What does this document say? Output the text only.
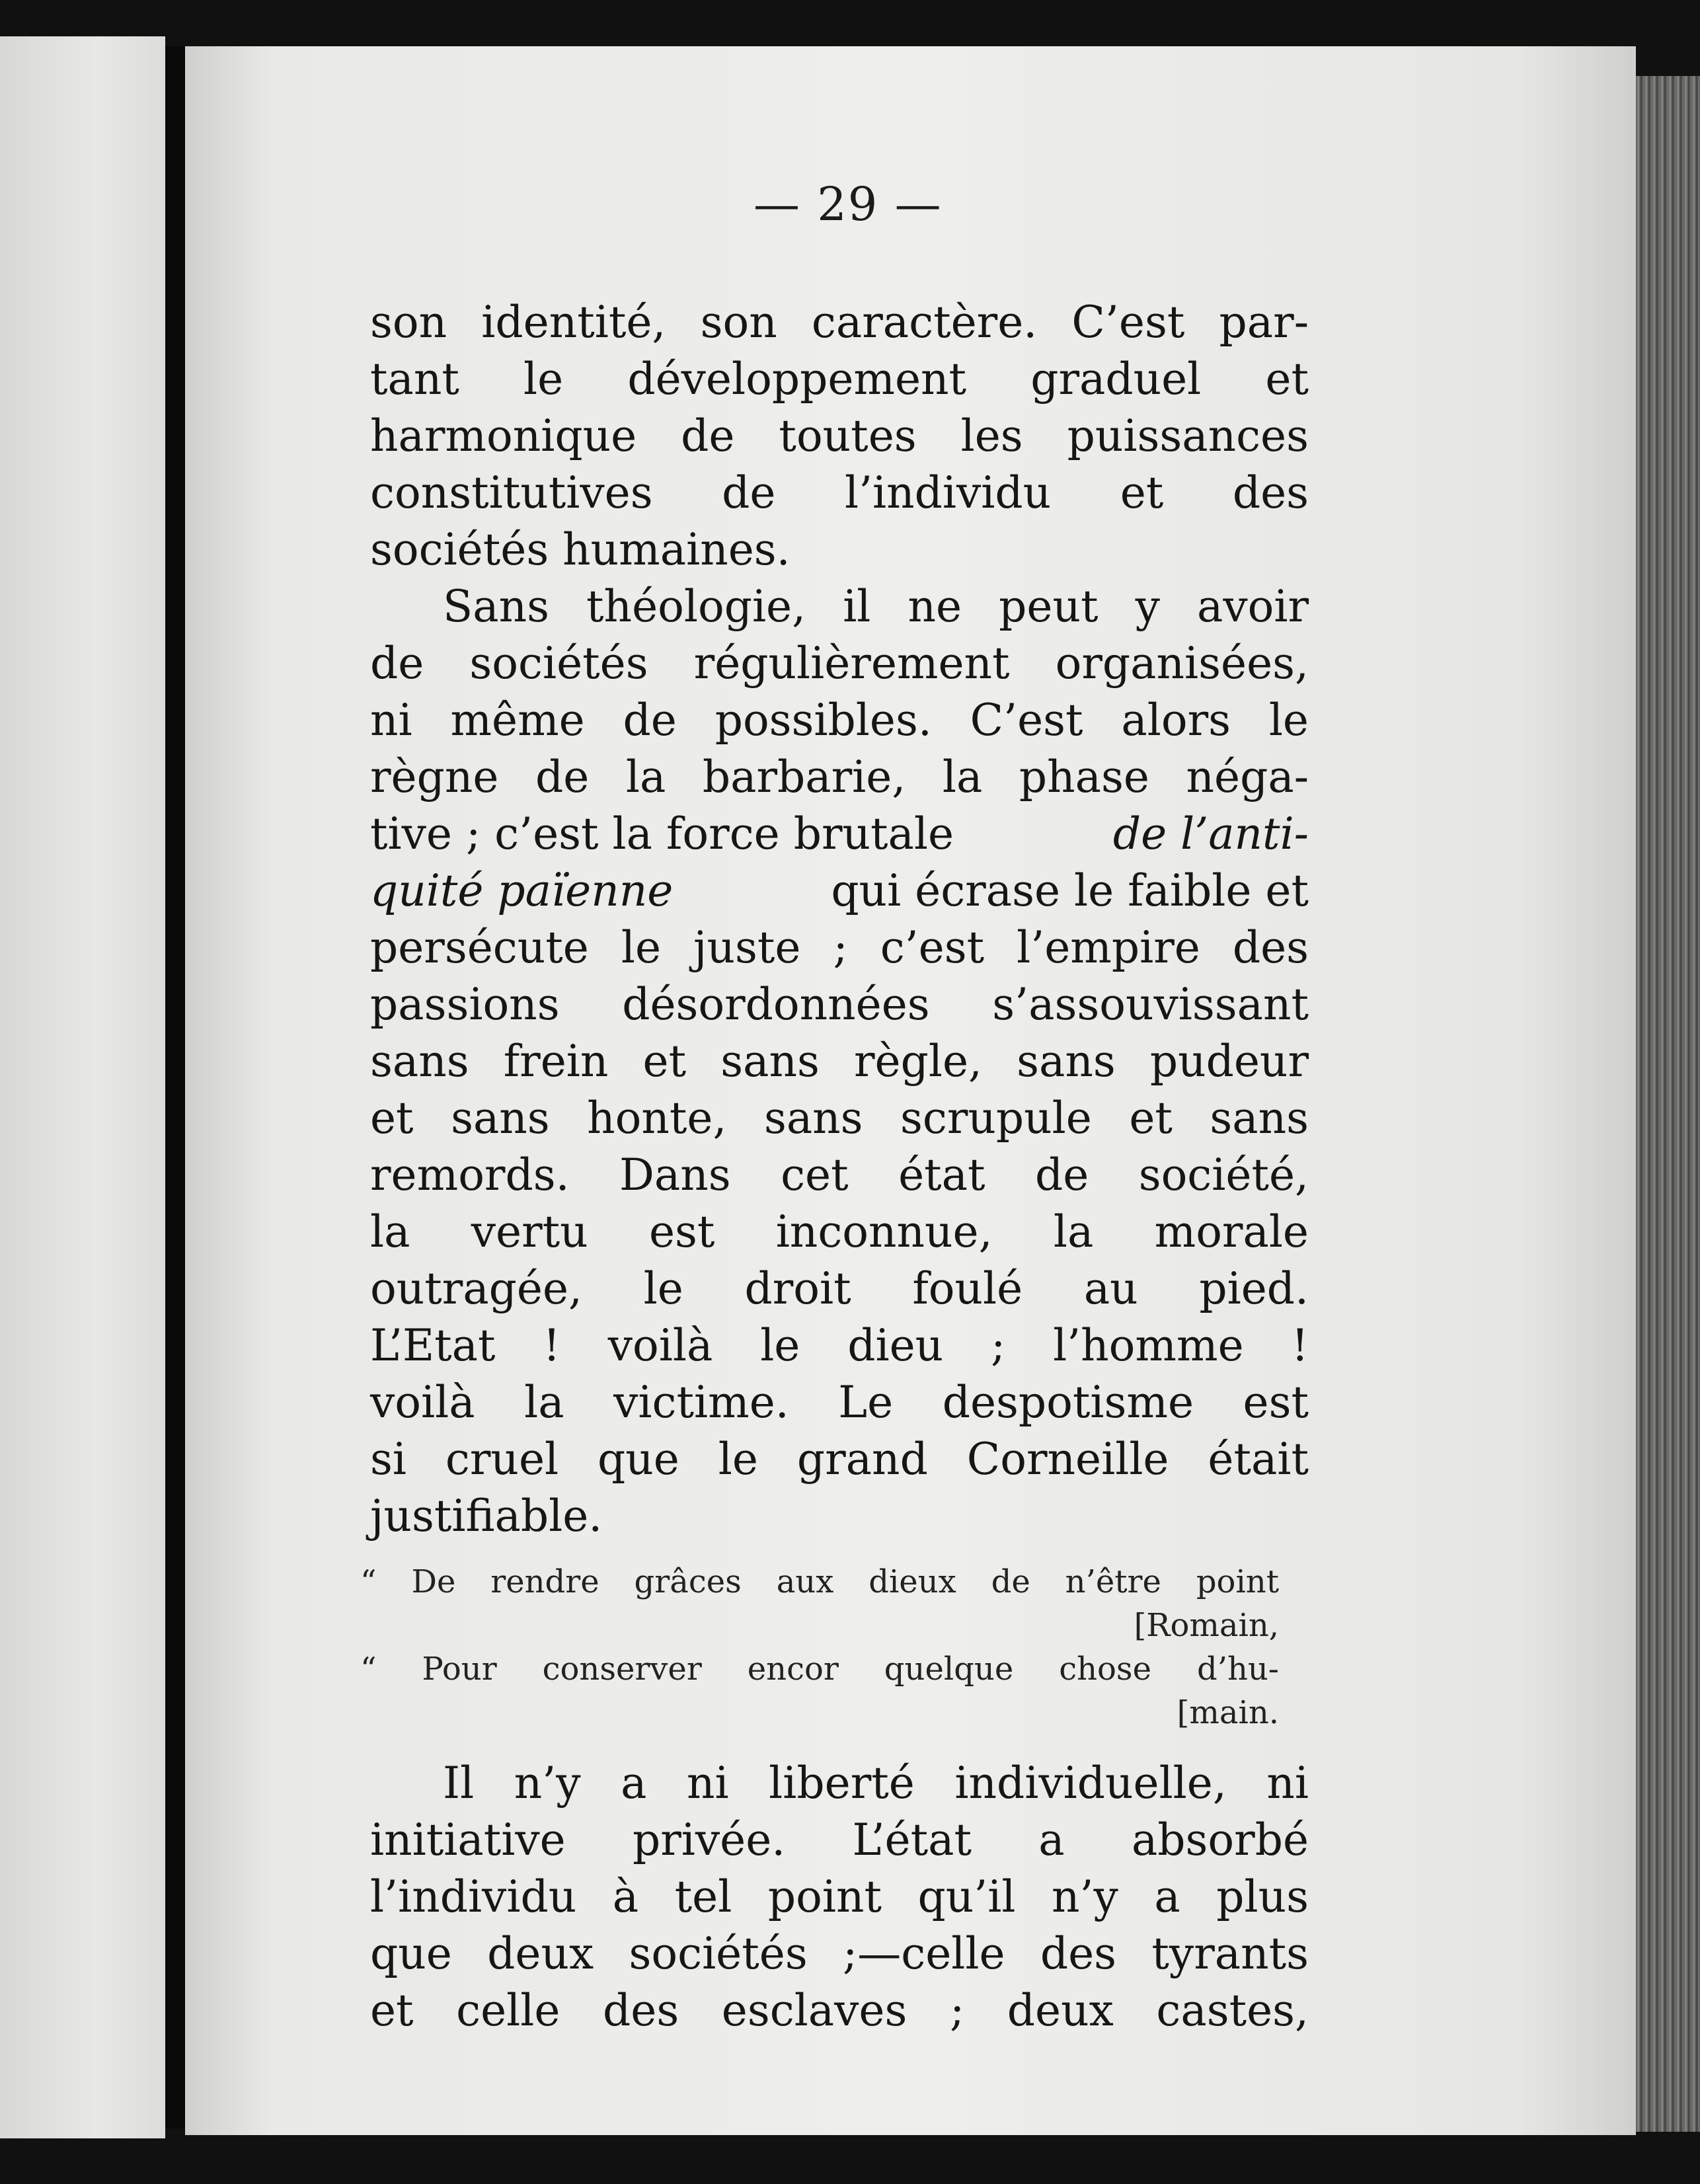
— 29 —
son identité, son caractère. C’est par-
tant le développement graduel et
harmonique de toutes les puissances
constitutives de l’individu et des
sociétés humaines.
Sans théologie, il ne peut y avoir
de sociétés régulièrement organisées,
ni même de possibles. C’est alors le
règne de la barbarie, la phase néga-
tive ; c’est la force brutale	de l’anti-
quité païenne	qui écrase le faible et
persécute le juste ; c’est l’empire des
passions désordonnées s’assouvissant
sans frein et sans règle, sans pudeur
et sans honte, sans scrupule et sans
remords. Dans cet état de société,
la vertu est inconnue, la morale
outragée, le droit foulé au pied.
L’Etat ! voilà le dieu ; l’homme !
voilà la victime. Le despotisme est
si cruel que le grand Corneille était
justifiable.
“ De rendre grâces aux dieux de n’être point
[Romain,
“ Pour conserver encor quelque chose d’hu-
[main.
Il n’y a ni liberté individuelle, ni
initiative privée. L’état a absorbé
l’individu à tel point qu’il n’y a plus
que deux sociétés ;—celle des tyrants
et celle des esclaves ; deux castes,
